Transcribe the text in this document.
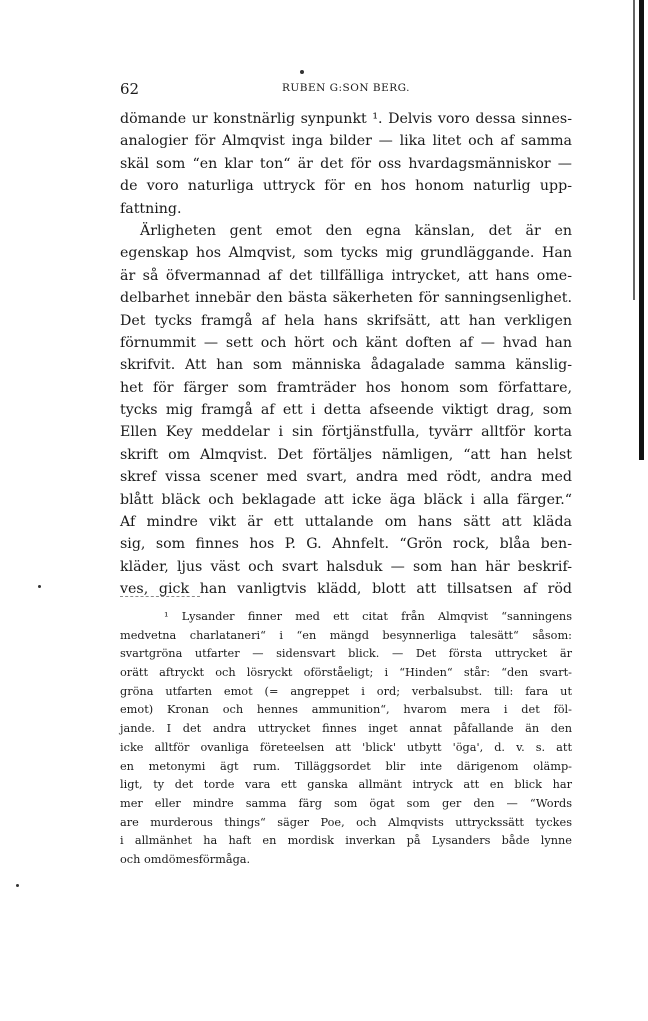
62	RUBEN G:SON BERG.
dömande ur konstnärlig synpunkt ¹. Delvis voro dessa sinnes-
analogier för Almqvist inga bilder — lika litet och af samma
skäl som “en klar ton“ är det för oss hvardagsmänniskor —
de voro naturliga uttryck för en hos honom naturlig upp-
fattning.
Ärligheten gent emot den egna känslan, det är en
egenskap hos Almqvist, som tycks mig grundläggande. Han
är så öfvermannad af det tillfälliga intrycket, att hans ome-
delbarhet innebär den bästa säkerheten för sanningsenlighet.
Det tycks framgå af hela hans skrifsätt, att han verkligen
förnummit — sett och hört och känt doften af — hvad han
skrifvit. Att han som människa ådagalade samma känslig-
het för färger som framträder hos honom som författare,
tycks mig framgå af ett i detta afseende viktigt drag, som
Ellen Key meddelar i sin förtjänstfulla, tyvärr alltför korta
skrift om Almqvist. Det förtäljes nämligen, “att han helst
skref vissa scener med svart, andra med rödt, andra med
blått bläck och beklagade att icke äga bläck i alla färger.“
Af mindre vikt är ett uttalande om hans sätt att kläda
sig, som finnes hos P. G. Ahnfelt. “Grön rock, blåa ben-
kläder, ljus väst och svart halsduk — som han här beskrif-
ves, gick han vanligtvis klädd, blott att tillsatsen af röd
¹ Lysander finner med ett citat från Almqvist “sanningens
medvetna charlataneri“ i “en mängd besynnerliga talesätt“ såsom:
svartgröna utfarter — sidensvart blick. — Det första uttrycket är
orätt aftryckt och lösryckt oförståeligt; i “Hinden“ står: “den svart-
gröna utfarten emot (= angreppet i ord; verbalsubst. till: fara ut
emot) Kronan och hennes ammunition“, hvarom mera i det föl-
jande. I det andra uttrycket finnes inget annat påfallande än den
icke alltför ovanliga företeelsen att 'blick' utbytt 'öga', d. v. s. att
en metonymi ägt rum. Tilläggsordet blir inte därigenom olämp-
ligt, ty det torde vara ett ganska allmänt intryck att en blick har
mer eller mindre samma färg som ögat som ger den — “Words
are murderous things“ säger Poe, och Almqvists uttryckssätt tyckes
i allmänhet ha haft en mordisk inverkan på Lysanders både lynne
och omdömesförmåga.
